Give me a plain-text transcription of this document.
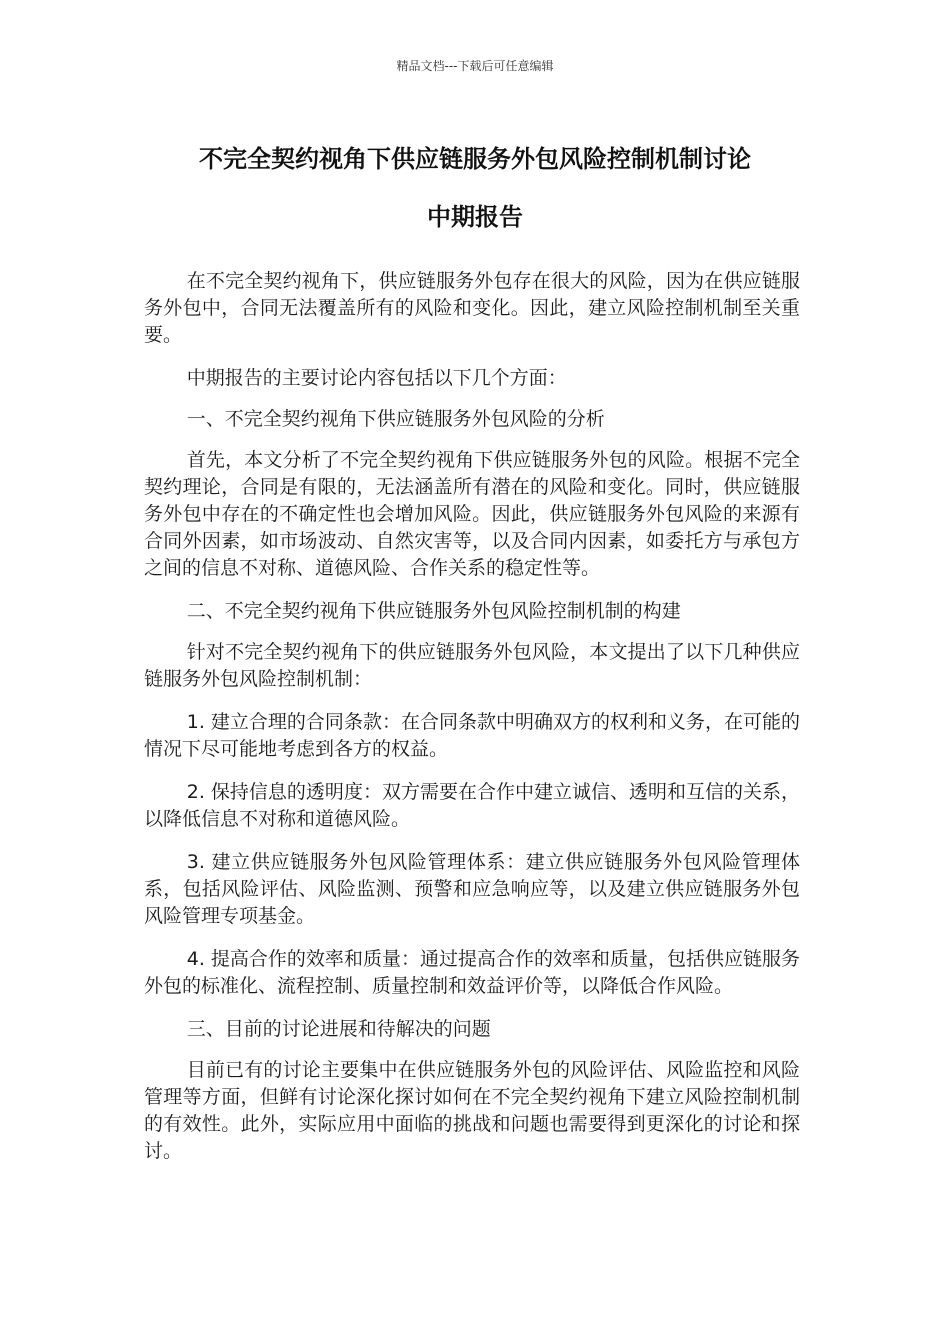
精品文档---下载后可任意编辑
不完全契约视角下供应链服务外包风险控制机制讨论
中期报告

在不完全契约视角下，供应链服务外包存在很大的风险，因为在供应链服务外包中，合同无法覆盖所有的风险和变化。因此，建立风险控制机制至关重要。

中期报告的主要讨论内容包括以下几个方面：

一、不完全契约视角下供应链服务外包风险的分析

首先，本文分析了不完全契约视角下供应链服务外包的风险。根据不完全契约理论，合同是有限的，无法涵盖所有潜在的风险和变化。同时，供应链服务外包中存在的不确定性也会增加风险。因此，供应链服务外包风险的来源有合同外因素，如市场波动、自然灾害等，以及合同内因素，如委托方与承包方之间的信息不对称、道德风险、合作关系的稳定性等。

二、不完全契约视角下供应链服务外包风险控制机制的构建

针对不完全契约视角下的供应链服务外包风险，本文提出了以下几种供应链服务外包风险控制机制：

1. 建立合理的合同条款：在合同条款中明确双方的权利和义务，在可能的情况下尽可能地考虑到各方的权益。

2. 保持信息的透明度：双方需要在合作中建立诚信、透明和互信的关系，以降低信息不对称和道德风险。

3. 建立供应链服务外包风险管理体系：建立供应链服务外包风险管理体系，包括风险评估、风险监测、预警和应急响应等，以及建立供应链服务外包风险管理专项基金。

4. 提高合作的效率和质量：通过提高合作的效率和质量，包括供应链服务外包的标准化、流程控制、质量控制和效益评价等，以降低合作风险。

三、目前的讨论进展和待解决的问题

目前已有的讨论主要集中在供应链服务外包的风险评估、风险监控和风险管理等方面，但鲜有讨论深化探讨如何在不完全契约视角下建立风险控制机制的有效性。此外，实际应用中面临的挑战和问题也需要得到更深化的讨论和探讨。
